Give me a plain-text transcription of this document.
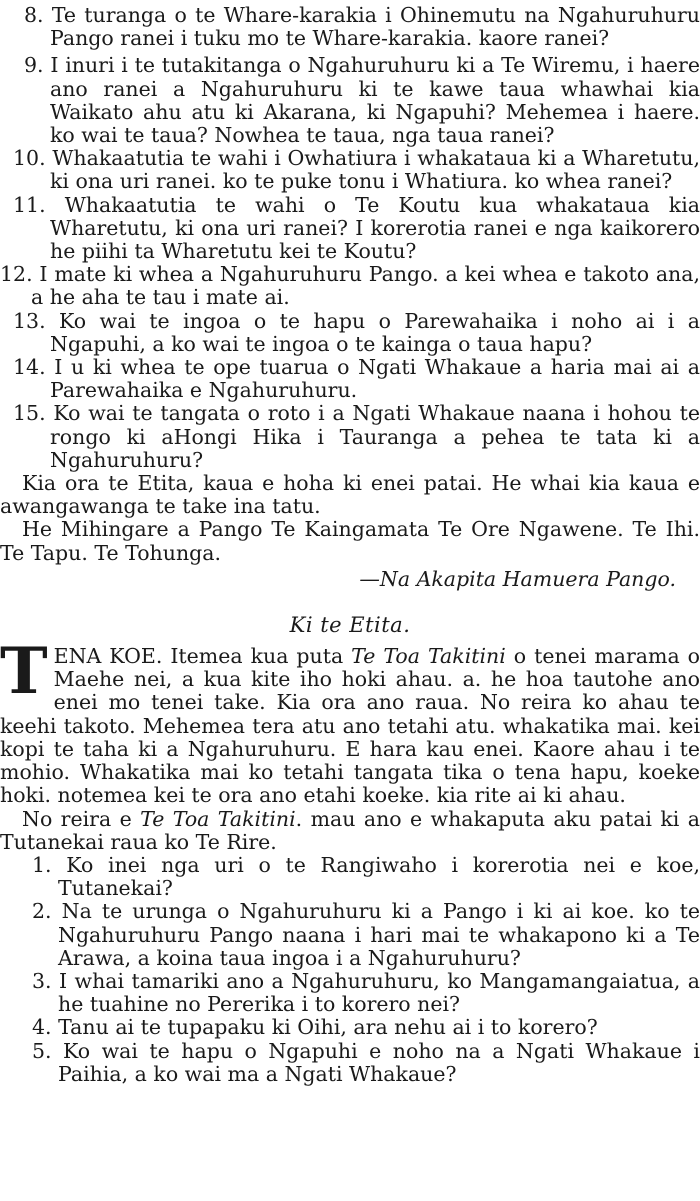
8. Te turanga o te Whare-karakia i Ohinemutu na Ngahuruhuru Pango ranei i tuku mo te Whare-karakia. kaore ranei?
9. I inuri i te tutakitanga o Ngahuruhuru ki a Te Wiremu, i haere ano ranei a Ngahuruhuru ki te kawe taua whawhai kia Waikato ahu atu ki Akarana, ki Ngapuhi? Mehemea i haere. ko wai te taua? Nowhea te taua, nga taua ranei?
10. Whakaatutia te wahi i Owhatiura i whakataua ki a Wharetutu, ki ona uri ranei. ko te puke tonu i Whatiura. ko whea ranei?
11. Whakaatutia te wahi o Te Koutu kua whakataua kia Wharetutu, ki ona uri ranei? I korerotia ranei e nga kaikorero he piihi ta Wharetutu kei te Koutu?
12. I mate ki whea a Ngahuruhuru Pango. a kei whea e takoto ana, a he aha te tau i mate ai.
13. Ko wai te ingoa o te hapu o Parewahaika i noho ai i a Ngapuhi, a ko wai te ingoa o te kainga o taua hapu?
14. I u ki whea te ope tuarua o Ngati Whakaue a haria mai ai a Parewahaika e Ngahuruhuru.
15. Ko wai te tangata o roto i a Ngati Whakaue naana i hohou te rongo ki aHongi Hika i Tauranga a pehea te tata ki a Ngahuruhuru?
Kia ora te Etita, kaua e hoha ki enei patai. He whai kia kaua e awangawanga te take ina tatu.
He Mihingare a Pango Te Kaingamata Te Ore Ngawene. Te Ihi. Te Tapu. Te Tohunga.
—Na Akapita Hamuera Pango.
Ki te Etita.
TENA KOE. Itemea kua puta Te Toa Takitini o tenei marama o Maehe nei, a kua kite iho hoki ahau. a. he hoa tautohe ano enei mo tenei take. Kia ora ano raua. No reira ko ahau te keehi takoto. Mehemea tera atu ano tetahi atu. whakatika mai. kei kopi te taha ki a Ngahuruhuru. E hara kau enei. Kaore ahau i te mohio. Whakatika mai ko tetahi tangata tika o tena hapu, koeke hoki. notemea kei te ora ano etahi koeke. kia rite ai ki ahau.
No reira e Te Toa Takitini. mau ano e whakaputa aku patai ki a Tutanekai raua ko Te Rire.
1. Ko inei nga uri o te Rangiwaho i korerotia nei e koe, Tutanekai?
2. Na te urunga o Ngahuruhuru ki a Pango i ki ai koe. ko te Ngahuruhuru Pango naana i hari mai te whakapono ki a Te Arawa, a koina taua ingoa i a Ngahuruhuru?
3. I whai tamariki ano a Ngahuruhuru, ko Mangamangaiatua, a he tuahine no Pererika i to korero nei?
4. Tanu ai te tupapaku ki Oihi, ara nehu ai i to korero?
5. Ko wai te hapu o Ngapuhi e noho na a Ngati Whakaue i Paihia, a ko wai ma a Ngati Whakaue?
